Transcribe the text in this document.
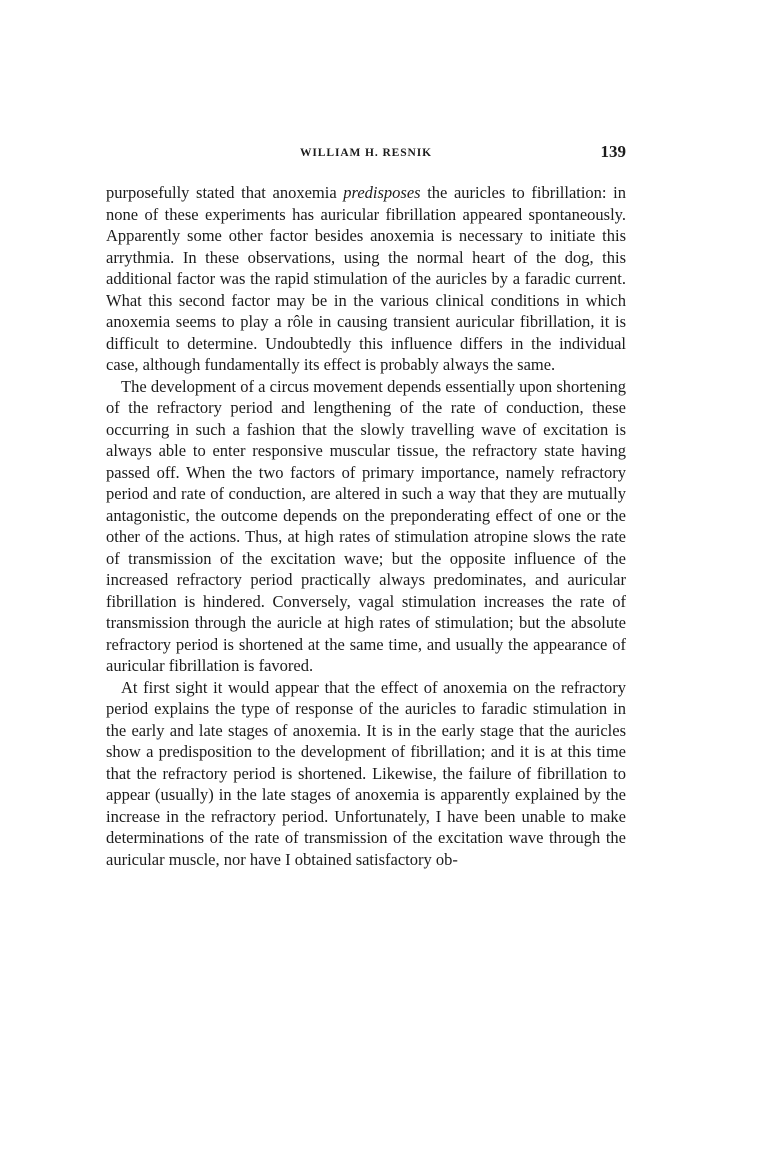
WILLIAM H. RESNIK	139

purposefully stated that anoxemia predisposes the auricles to fibrillation: in none of these experiments has auricular fibrillation appeared spontaneously. Apparently some other factor besides anoxemia is necessary to initiate this arrythmia. In these observations, using the normal heart of the dog, this additional factor was the rapid stimulation of the auricles by a faradic current. What this second factor may be in the various clinical conditions in which anoxemia seems to play a rôle in causing transient auricular fibrillation, it is difficult to determine. Undoubtedly this influence differs in the individual case, although fundamentally its effect is probably always the same.

The development of a circus movement depends essentially upon shortening of the refractory period and lengthening of the rate of conduction, these occurring in such a fashion that the slowly travelling wave of excitation is always able to enter responsive muscular tissue, the refractory state having passed off. When the two factors of primary importance, namely refractory period and rate of conduction, are altered in such a way that they are mutually antagonistic, the outcome depends on the preponderating effect of one or the other of the actions. Thus, at high rates of stimulation atropine slows the rate of transmission of the excitation wave; but the opposite influence of the increased refractory period practically always predominates, and auricular fibrillation is hindered. Conversely, vagal stimulation increases the rate of transmission through the auricle at high rates of stimulation; but the absolute refractory period is shortened at the same time, and usually the appearance of auricular fibrillation is favored.

At first sight it would appear that the effect of anoxemia on the refractory period explains the type of response of the auricles to faradic stimulation in the early and late stages of anoxemia. It is in the early stage that the auricles show a predisposition to the development of fibrillation; and it is at this time that the refractory period is shortened. Likewise, the failure of fibrillation to appear (usually) in the late stages of anoxemia is apparently explained by the increase in the refractory period. Unfortunately, I have been unable to make determinations of the rate of transmission of the excitation wave through the auricular muscle, nor have I obtained satisfactory ob-
